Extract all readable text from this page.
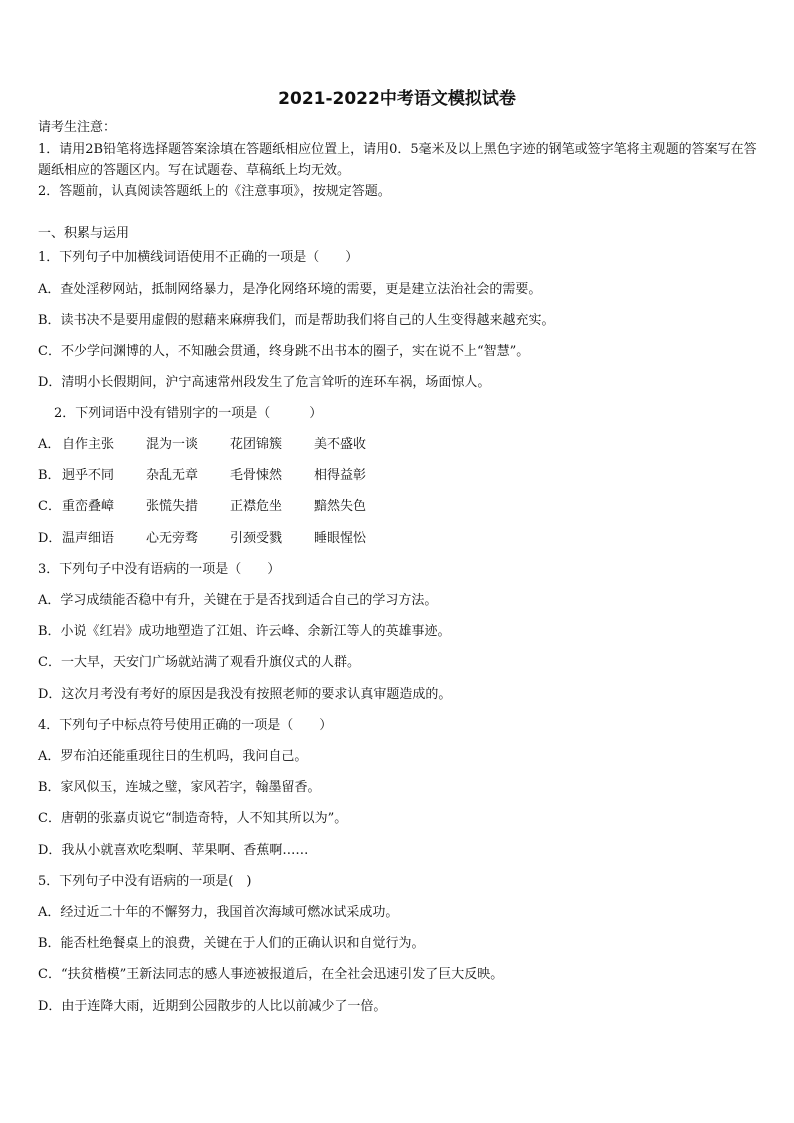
2021-2022中考语文模拟试卷
请考生注意：

1．请用2B铅笔将选择题答案涂填在答题纸相应位置上，请用0．5毫米及以上黑色字迹的钢笔或签字笔将主观题的答案写在答题纸相应的答题区内。写在试题卷、草稿纸上均无效。

2．答题前，认真阅读答题纸上的《注意事项》，按规定答题。

一、积累与运用
1．下列句子中加横线词语使用不正确的一项是（　　）
A．查处淫秽网站，抵制网络暴力，是净化网络环境的需要，更是建立法治社会的需要。
B．读书决不是要用虚假的慰藉来麻痹我们，而是帮助我们将自己的人生变得越来越充实。
C．不少学问渊博的人，不知融会贯通，终身跳不出书本的圈子，实在说不上“智慧”。
D．清明小长假期间，沪宁高速常州段发生了危言耸听的连环车祸，场面惊人。
2．下列词语中没有错别字的一项是（　　　）
A． 自作主张 混为一谈 花团锦簇 美不盛收
B．迥乎不同 杂乱无章 毛骨悚然 相得益彰
C．重峦叠嶂 张慌失措 正襟危坐 黯然失色
D．温声细语 心无旁骛 引颈受戮 睡眼惺忪
3．下列句子中没有语病的一项是（　　）
A．学习成绩能否稳中有升，关键在于是否找到适合自己的学习方法。
B．小说《红岩》成功地塑造了江姐、许云峰、余新江等人的英雄事迹。
C．一大早，天安门广场就站满了观看升旗仪式的人群。
D．这次月考没有考好的原因是我没有按照老师的要求认真审题造成的。
4．下列句子中标点符号使用正确的一项是（　　）
A．罗布泊还能重现往日的生机吗，我问自己。
B．家风似玉，连城之璧，家风若字，翰墨留香。
C．唐朝的张嘉贞说它“制造奇特，人不知其所以为”。
D．我从小就喜欢吃梨啊、苹果啊、香蕉啊……
5．下列句子中没有语病的一项是(　)
A．经过近二十年的不懈努力，我国首次海域可燃冰试采成功。
B．能否杜绝餐桌上的浪费，关键在于人们的正确认识和自觉行为。
C．“扶贫楷模”王新法同志的感人事迹被报道后，在全社会迅速引发了巨大反映。
D．由于连降大雨，近期到公园散步的人比以前减少了一倍。
